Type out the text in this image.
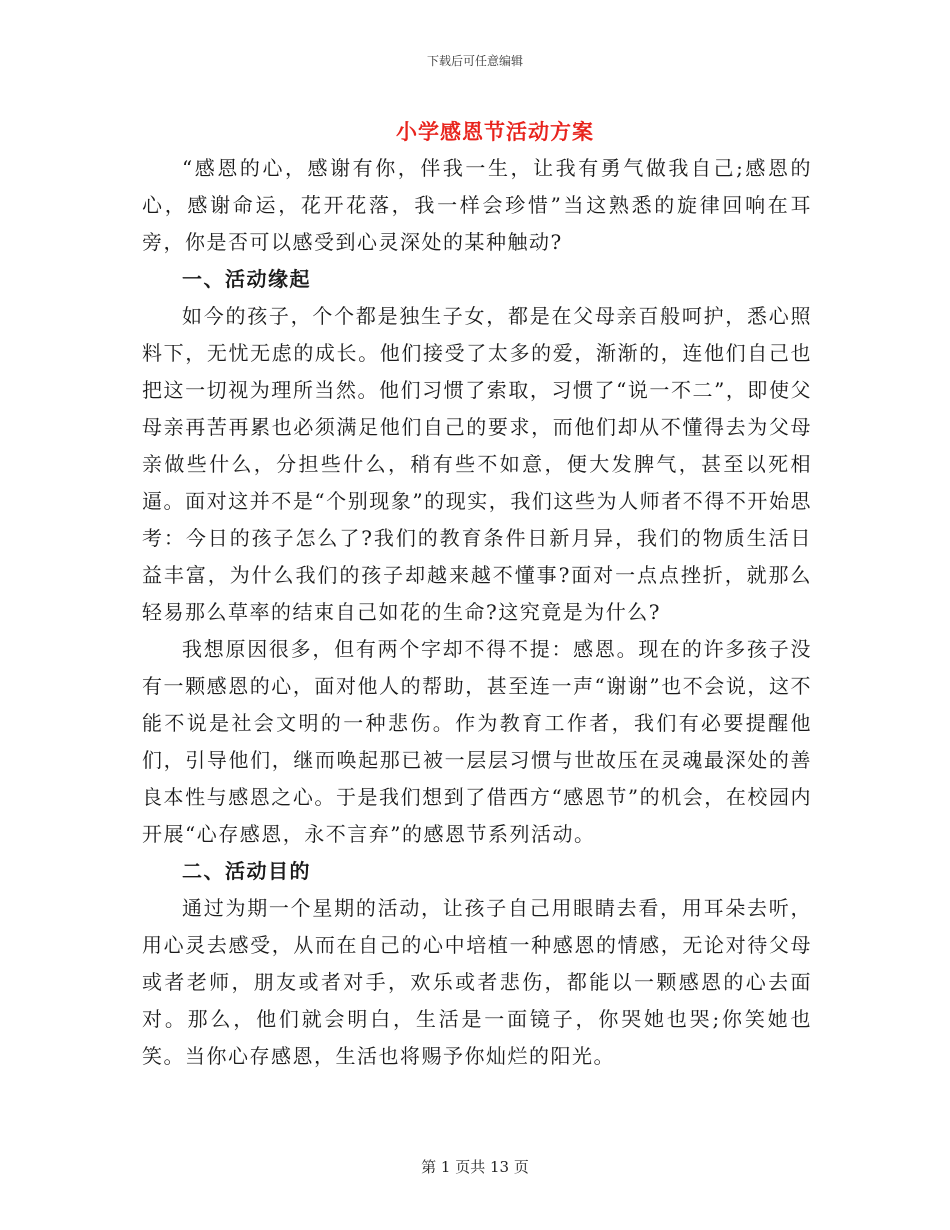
下载后可任意编辑
小学感恩节活动方案

“感恩的心，感谢有你，伴我一生，让我有勇气做我自己;感恩的心，感谢命运，花开花落，我一样会珍惜”当这熟悉的旋律回响在耳旁，你是否可以感受到心灵深处的某种触动?

一、活动缘起

如今的孩子，个个都是独生子女，都是在父母亲百般呵护，悉心照料下，无忧无虑的成长。他们接受了太多的爱，渐渐的，连他们自己也把这一切视为理所当然。他们习惯了索取，习惯了“说一不二”，即使父母亲再苦再累也必须满足他们自己的要求，而他们却从不懂得去为父母亲做些什么，分担些什么，稍有些不如意，便大发脾气，甚至以死相逼。面对这并不是“个别现象”的现实，我们这些为人师者不得不开始思考：今日的孩子怎么了?我们的教育条件日新月异，我们的物质生活日益丰富，为什么我们的孩子却越来越不懂事?面对一点点挫折，就那么轻易那么草率的结束自己如花的生命?这究竟是为什么?

我想原因很多，但有两个字却不得不提：感恩。现在的许多孩子没有一颗感恩的心，面对他人的帮助，甚至连一声“谢谢”也不会说，这不能不说是社会文明的一种悲伤。作为教育工作者，我们有必要提醒他们，引导他们，继而唤起那已被一层层习惯与世故压在灵魂最深处的善良本性与感恩之心。于是我们想到了借西方“感恩节”的机会，在校园内开展“心存感恩，永不言弃”的感恩节系列活动。

二、活动目的

通过为期一个星期的活动，让孩子自己用眼睛去看，用耳朵去听，用心灵去感受，从而在自己的心中培植一种感恩的情感，无论对待父母或者老师，朋友或者对手，欢乐或者悲伤，都能以一颗感恩的心去面对。那么，他们就会明白，生活是一面镜子，你哭她也哭;你笑她也笑。当你心存感恩，生活也将赐予你灿烂的阳光。

第 1 页共 13 页
